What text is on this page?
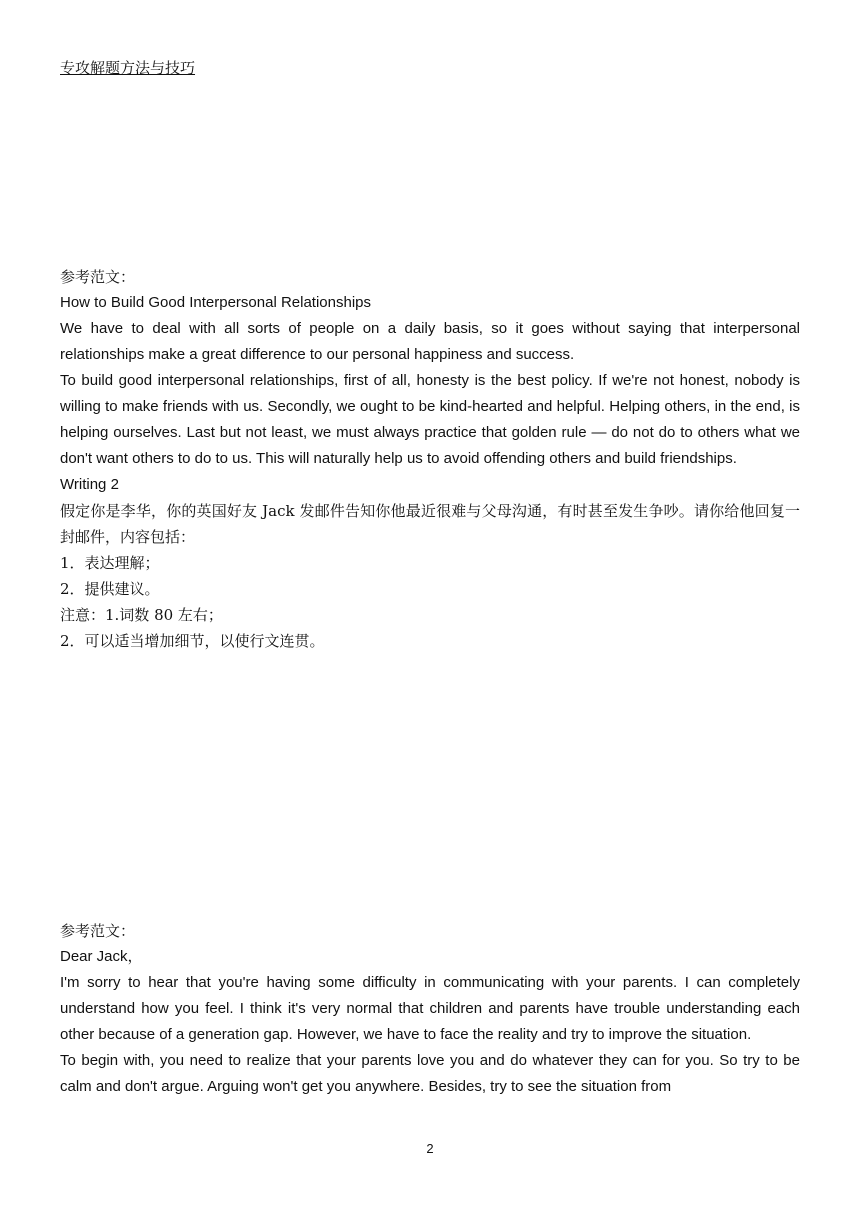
专攻解题方法与技巧

参考范文：

How to Build Good Interpersonal Relationships

We have to deal with all sorts of people on a daily basis, so it goes without saying that interpersonal relationships make a great difference to our personal happiness and success.

To build good interpersonal relationships, first of all, honesty is the best policy. If we're not honest, nobody is willing to make friends with us. Secondly, we ought to be kind-hearted and helpful. Helping others, in the end, is helping ourselves. Last but not least, we must always practice that golden rule — do not do to others what we don't want others to do to us. This will naturally help us to avoid offending others and build friendships.

Writing 2

假定你是李华，你的英国好友 Jack 发邮件告知你他最近很难与父母沟通，有时甚至发生争吵。请你给他回复一封邮件，内容包括：

1．表达理解；

2．提供建议。

注意：1.词数 80 左右；

2．可以适当增加细节，以使行文连贯。

参考范文：

Dear Jack，

I'm sorry to hear that you're having some difficulty in communicating with your parents. I can completely understand how you feel. I think it's very normal that children and parents have trouble understanding each other because of a generation gap. However, we have to face the reality and try to improve the situation.

To begin with, you need to realize that your parents love you and do whatever they can for you. So try to be calm and don't argue. Arguing won't get you anywhere. Besides, try to see the situation from

2
